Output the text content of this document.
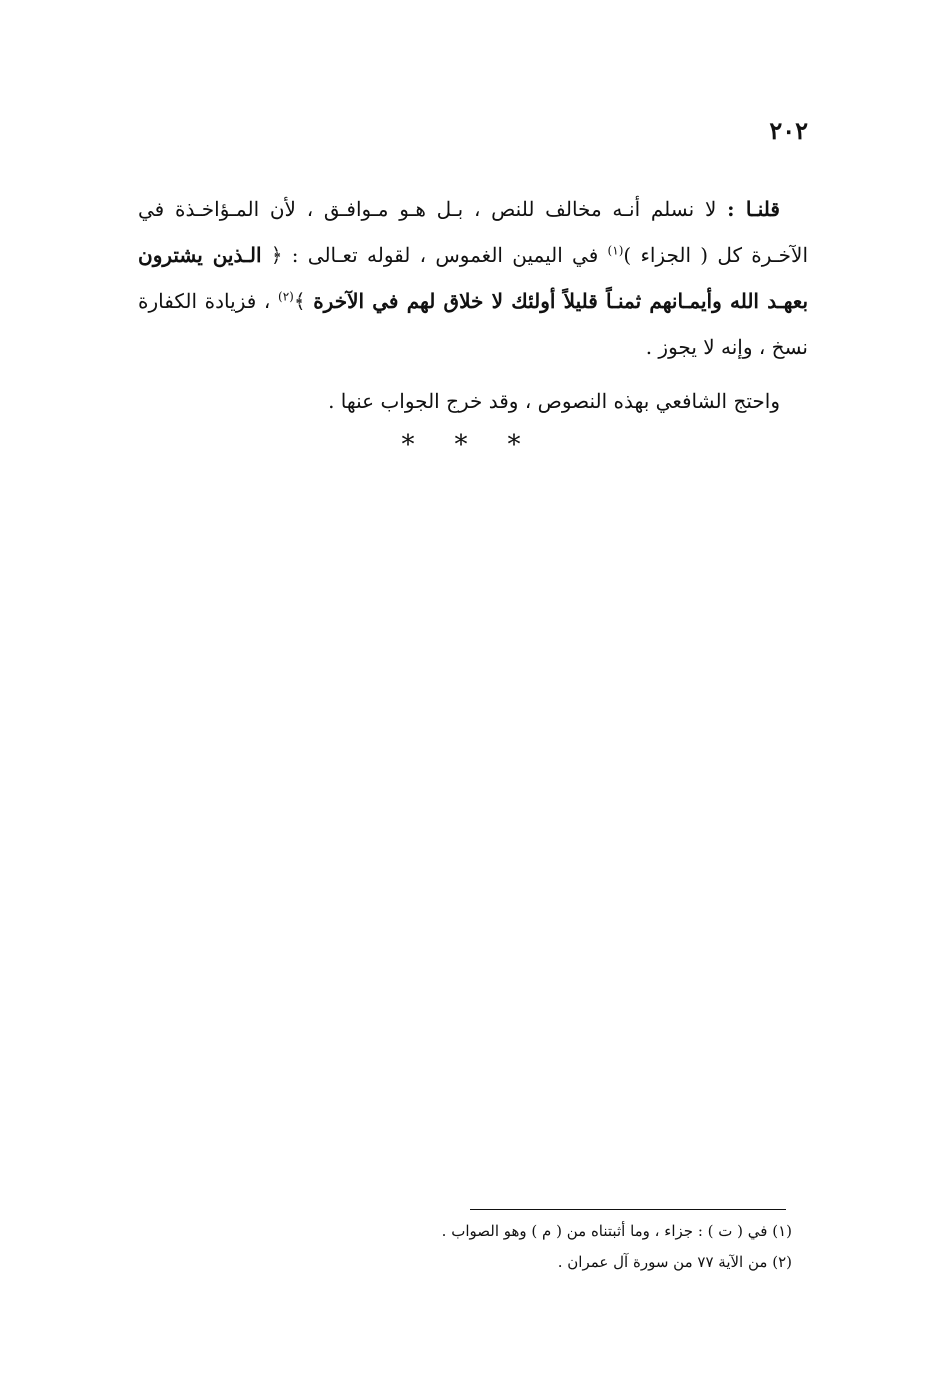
٢٠٢

قلنـا : لا نسلم أنـه مخالف للنص ، بـل هـو مـوافـق ، لأن المـؤاخـذة في الآخـرة كل ( الجزاء )$^{(١)}$ في اليمين الغموس ، لقوله تعـالى : ﴿ الـذين يشترون بعهـد الله وأيمـانهم ثمنـاً قليلاً أولئك لا خلاق لهم في الآخرة ﴾$^{(٢)}$ ، فزيادة الكفارة نسخ ، وإنه لا يجوز .

واحتج الشافعي بهذه النصوص ، وقد خرج الجواب عنها .

* * *
(١) في ( ت ) : جزاء ، وما أثبتناه من ( م ) وهو الصواب .
(٢) من الآية ٧٧ من سورة آل عمران .
